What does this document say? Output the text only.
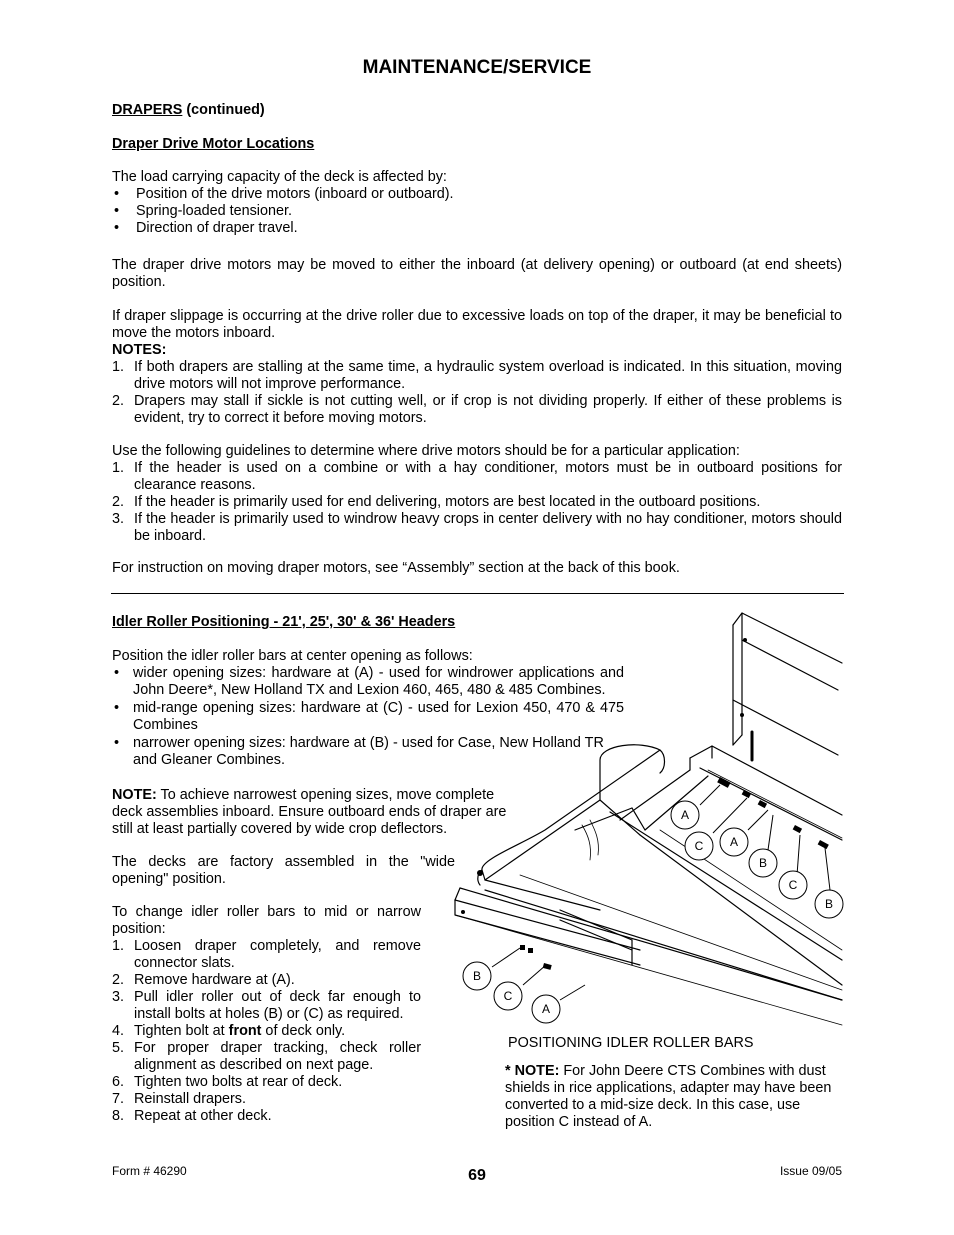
MAINTENANCE/SERVICE
DRAPERS (continued)
Draper Drive Motor Locations
The load carrying capacity of the deck is affected by:
• Position of the drive motors (inboard or outboard).
• Spring-loaded tensioner.
• Direction of draper travel.
The draper drive motors may be moved to either the inboard (at delivery opening) or outboard (at end sheets) position.
If draper slippage is occurring at the drive roller due to excessive loads on top of the draper, it may be beneficial to move the motors inboard.
NOTES:
1. If both drapers are stalling at the same time, a hydraulic system overload is indicated. In this situation, moving drive motors will not improve performance.
2. Drapers may stall if sickle is not cutting well, or if crop is not dividing properly. If either of these problems is evident, try to correct it before moving motors.
Use the following guidelines to determine where drive motors should be for a particular application:
1. If the header is used on a combine or with a hay conditioner, motors must be in outboard positions for clearance reasons.
2. If the header is primarily used for end delivering, motors are best located in the outboard positions.
3. If the header is primarily used to windrow heavy crops in center delivery with no hay conditioner, motors should be inboard.
For instruction on moving draper motors, see “Assembly” section at the back of this book.
Idler Roller Positioning - 21', 25', 30' & 36' Headers
Position the idler roller bars at center opening as follows:
• wider opening sizes: hardware at (A) - used for windrower applications and John Deere*, New Holland TX and Lexion 460, 465, 480 & 485 Combines.
• mid-range opening sizes: hardware at (C) - used for Lexion 450, 470 & 475 Combines
• narrower opening sizes: hardware at (B) - used for Case, New Holland TR and Gleaner Combines.
NOTE: To achieve narrowest opening sizes, move complete deck assemblies inboard. Ensure outboard ends of draper are still at least partially covered by wide crop deflectors.
The decks are factory assembled in the "wide opening" position.
To change idler roller bars to mid or narrow position:
1. Loosen draper completely, and remove connector slats.
2. Remove hardware at (A).
3. Pull idler roller out of deck far enough to install bolts at holes (B) or (C) as required.
4. Tighten bolt at front of deck only.
5. For proper draper tracking, check roller alignment as described on next page.
6. Tighten two bolts at rear of deck.
7. Reinstall drapers.
8. Repeat at other deck.
A
C A
B
C
B
B
C
A
POSITIONING IDLER ROLLER BARS
* NOTE: For John Deere CTS Combines with dust shields in rice applications, adapter may have been converted to a mid-size deck. In this case, use position C instead of A.
Form # 46290	69	Issue 09/05
